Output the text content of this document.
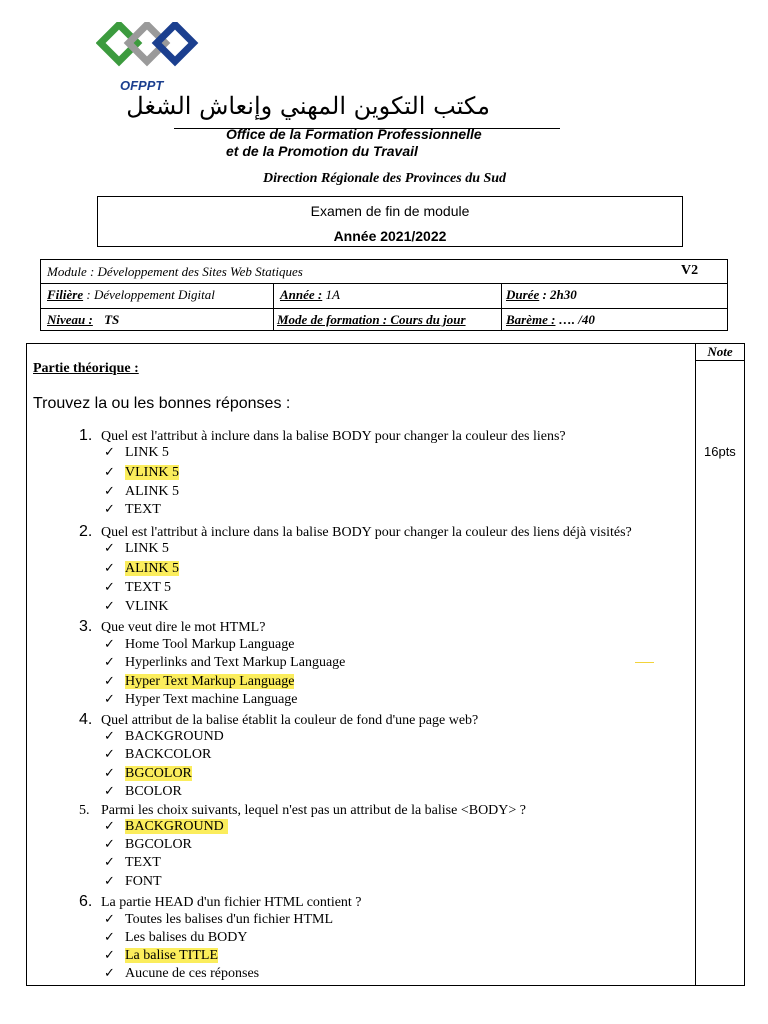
OFPPT
مكتب التكوين المهني وإنعاش الشغل
Office de la Formation Professionnelle
et de la Promotion du Travail
Direction Régionale des Provinces du Sud
Examen de fin de module
Année 2021/2022
Module : Développement des Sites Web Statiques	V2
Filière : Développement Digital	Année : 1A	Durée : 2h30
Niveau : TS	Mode de formation : Cours du jour	Barème : …. /40
Note
16pts
Partie théorique :
Trouvez la ou les bonnes réponses :
1. Quel est l'attribut à inclure dans la balise BODY pour changer la couleur des liens?
✓ LINK 5
✓ VLINK 5
✓ ALINK 5
✓ TEXT
2. Quel est l'attribut à inclure dans la balise BODY pour changer la couleur des liens déjà visités?
✓ LINK 5
✓ ALINK 5
✓ TEXT 5
✓ VLINK
3. Que veut dire le mot HTML?
✓ Home Tool Markup Language
✓ Hyperlinks and Text Markup Language
✓ Hyper Text Markup Language
✓ Hyper Text machine Language
4. Quel attribut de la balise établit la couleur de fond d'une page web?
✓ BACKGROUND
✓ BACKCOLOR
✓ BGCOLOR
✓ BCOLOR
5. Parmi les choix suivants, lequel n'est pas un attribut de la balise <BODY> ?
✓ BACKGROUND
✓ BGCOLOR
✓ TEXT
✓ FONT
6. La partie HEAD d'un fichier HTML contient ?
✓ Toutes les balises d'un fichier HTML
✓ Les balises du BODY
✓ La balise TITLE
✓ Aucune de ces réponses
